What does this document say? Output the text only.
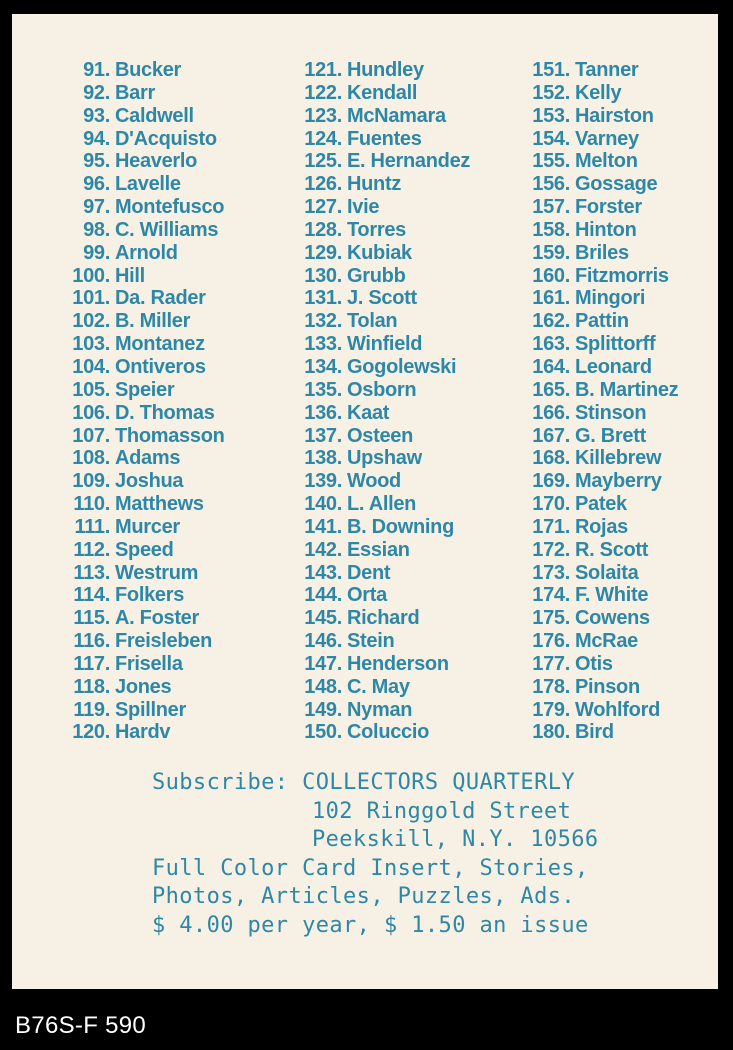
91. Bucker
92. Barr
93. Caldwell
94. D'Acquisto
95. Heaverlo
96. Lavelle
97. Montefusco
98. C. Williams
99. Arnold
100. Hill
101. Da. Rader
102. B. Miller
103. Montanez
104. Ontiveros
105. Speier
106. D. Thomas
107. Thomasson
108. Adams
109. Joshua
110. Matthews
111. Murcer
112. Speed
113. Westrum
114. Folkers
115. A. Foster
116. Freisleben
117. Frisella
118. Jones
119. Spillner
120. Hardv
121. Hundley
122. Kendall
123. McNamara
124. Fuentes
125. E. Hernandez
126. Huntz
127. Ivie
128. Torres
129. Kubiak
130. Grubb
131. J. Scott
132. Tolan
133. Winfield
134. Gogolewski
135. Osborn
136. Kaat
137. Osteen
138. Upshaw
139. Wood
140. L. Allen
141. B. Downing
142. Essian
143. Dent
144. Orta
145. Richard
146. Stein
147. Henderson
148. C. May
149. Nyman
150. Coluccio
151. Tanner
152. Kelly
153. Hairston
154. Varney
155. Melton
156. Gossage
157. Forster
158. Hinton
159. Briles
160. Fitzmorris
161. Mingori
162. Pattin
163. Splittorff
164. Leonard
165. B. Martinez
166. Stinson
167. G. Brett
168. Killebrew
169. Mayberry
170. Patek
171. Rojas
172. R. Scott
173. Solaita
174. F. White
175. Cowens
176. McRae
177. Otis
178. Pinson
179. Wohlford
180. Bird
Subscribe: COLLECTORS QUARTERLY
102 Ringgold Street
Peekskill, N.Y. 10566
Full Color Card Insert, Stories,
Photos, Articles, Puzzles, Ads.
$ 4.00 per year, $ 1.50 an issue
B76S-F 590
